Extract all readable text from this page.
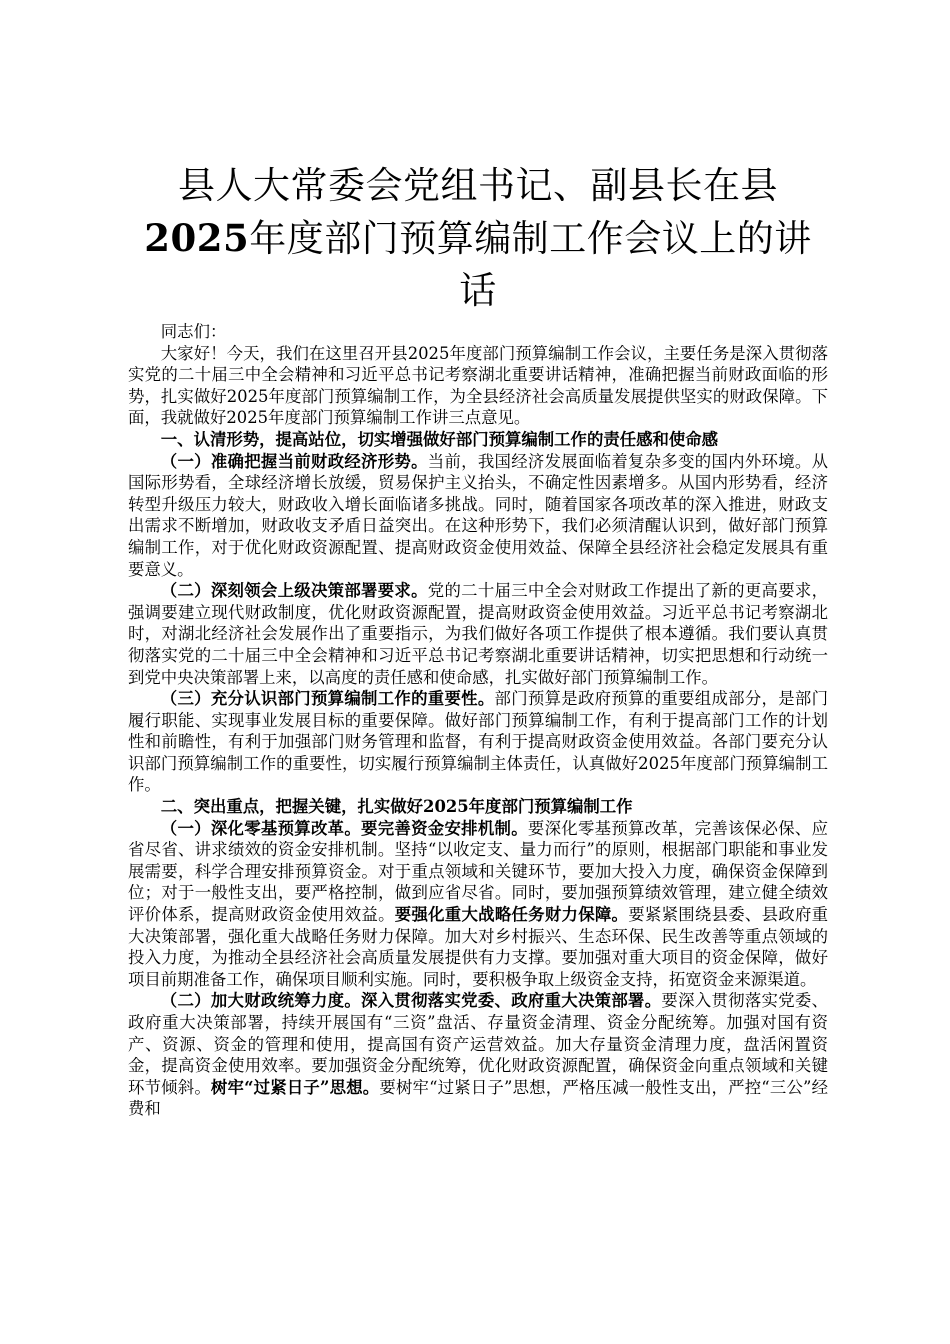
县人大常委会党组书记、副县长在县2025年度部门预算编制工作会议上的讲话

同志们：

大家好！今天，我们在这里召开县2025年度部门预算编制工作会议，主要任务是深入贯彻落实党的二十届三中全会精神和习近平总书记考察湖北重要讲话精神，准确把握当前财政面临的形势，扎实做好2025年度部门预算编制工作，为全县经济社会高质量发展提供坚实的财政保障。下面，我就做好2025年度部门预算编制工作讲三点意见。

一、认清形势，提高站位，切实增强做好部门预算编制工作的责任感和使命感

（一）准确把握当前财政经济形势。当前，我国经济发展面临着复杂多变的国内外环境。从国际形势看，全球经济增长放缓，贸易保护主义抬头，不确定性因素增多。从国内形势看，经济转型升级压力较大，财政收入增长面临诸多挑战。同时，随着国家各项改革的深入推进，财政支出需求不断增加，财政收支矛盾日益突出。在这种形势下，我们必须清醒认识到，做好部门预算编制工作，对于优化财政资源配置、提高财政资金使用效益、保障全县经济社会稳定发展具有重要意义。

（二）深刻领会上级决策部署要求。党的二十届三中全会对财政工作提出了新的更高要求，强调要建立现代财政制度，优化财政资源配置，提高财政资金使用效益。习近平总书记考察湖北时，对湖北经济社会发展作出了重要指示，为我们做好各项工作提供了根本遵循。我们要认真贯彻落实党的二十届三中全会精神和习近平总书记考察湖北重要讲话精神，切实把思想和行动统一到党中央决策部署上来，以高度的责任感和使命感，扎实做好部门预算编制工作。

（三）充分认识部门预算编制工作的重要性。部门预算是政府预算的重要组成部分，是部门履行职能、实现事业发展目标的重要保障。做好部门预算编制工作，有利于提高部门工作的计划性和前瞻性，有利于加强部门财务管理和监督，有利于提高财政资金使用效益。各部门要充分认识部门预算编制工作的重要性，切实履行预算编制主体责任，认真做好2025年度部门预算编制工作。

二、突出重点，把握关键，扎实做好2025年度部门预算编制工作

（一）深化零基预算改革。要完善资金安排机制。要深化零基预算改革，完善该保必保、应省尽省、讲求绩效的资金安排机制。坚持“以收定支、量力而行”的原则，根据部门职能和事业发展需要，科学合理安排预算资金。对于重点领域和关键环节，要加大投入力度，确保资金保障到位；对于一般性支出，要严格控制，做到应省尽省。同时，要加强预算绩效管理，建立健全绩效评价体系，提高财政资金使用效益。要强化重大战略任务财力保障。要紧紧围绕县委、县政府重大决策部署，强化重大战略任务财力保障。加大对乡村振兴、生态环保、民生改善等重点领域的投入力度，为推动全县经济社会高质量发展提供有力支撑。要加强对重大项目的资金保障，做好项目前期准备工作，确保项目顺利实施。同时，要积极争取上级资金支持，拓宽资金来源渠道。

（二）加大财政统筹力度。深入贯彻落实党委、政府重大决策部署。要深入贯彻落实党委、政府重大决策部署，持续开展国有“三资”盘活、存量资金清理、资金分配统筹。加强对国有资产、资源、资金的管理和使用，提高国有资产运营效益。加大存量资金清理力度，盘活闲置资金，提高资金使用效率。要加强资金分配统筹，优化财政资源配置，确保资金向重点领域和关键环节倾斜。树牢“过紧日子”思想。要树牢“过紧日子”思想，严格压减一般性支出，严控“三公”经费和
